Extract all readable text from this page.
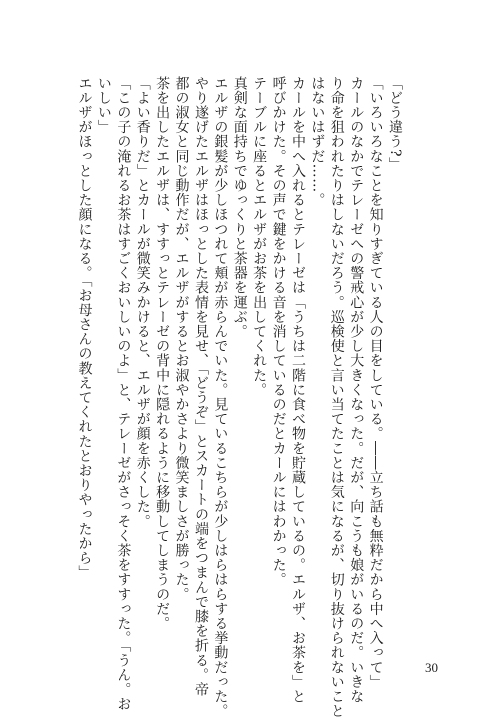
「どう違う?」
「いろいろなことを知りすぎている人の目をしている。――立ち話も無粋だから中へ入って」
カールのなかでテレーゼへの警戒心が少し大きくなった。だが、向こうも娘がいるのだ。いきな
り命を狙われたりはしないだろう。巡検使と言い当てたことは気になるが、切り抜けられないこと
はないはずだ……。
カールを中へ入れるとテレーゼは「うちは二階に食べ物を貯蔵しているの。エルザ、お茶を」と
呼びかけた。その声で鍵をかける音を消しているのだとカールにはわかった。
テーブルに座るとエルザがお茶を出してくれた。
真剣な面持ちでゆっくりと茶器を運ぶ。
エルザの銀髪が少しほつれて頬が赤らんでいた。見ているこちらが少しはらはらする挙動だった。
やり遂げたエルザはほっとした表情を見せ、「どうぞ」とスカートの端をつまんで膝を折る。帝
都の淑女と同じ動作だが、エルザがするとお淑やかさより微笑ましさが勝った。
茶を出したエルザは、すすっとテレーゼの背中に隠れるように移動してしまうのだ。
「よい香りだ」とカールが微笑みかけると、エルザが顔を赤くした。
「この子の淹れるお茶はすごくおいしいのよ」と、テレーゼがさっそく茶をすすった。「うん。お
いしい」
エルザがほっとした顔になる。「お母さんの教えてくれたとおりやったから」
30
